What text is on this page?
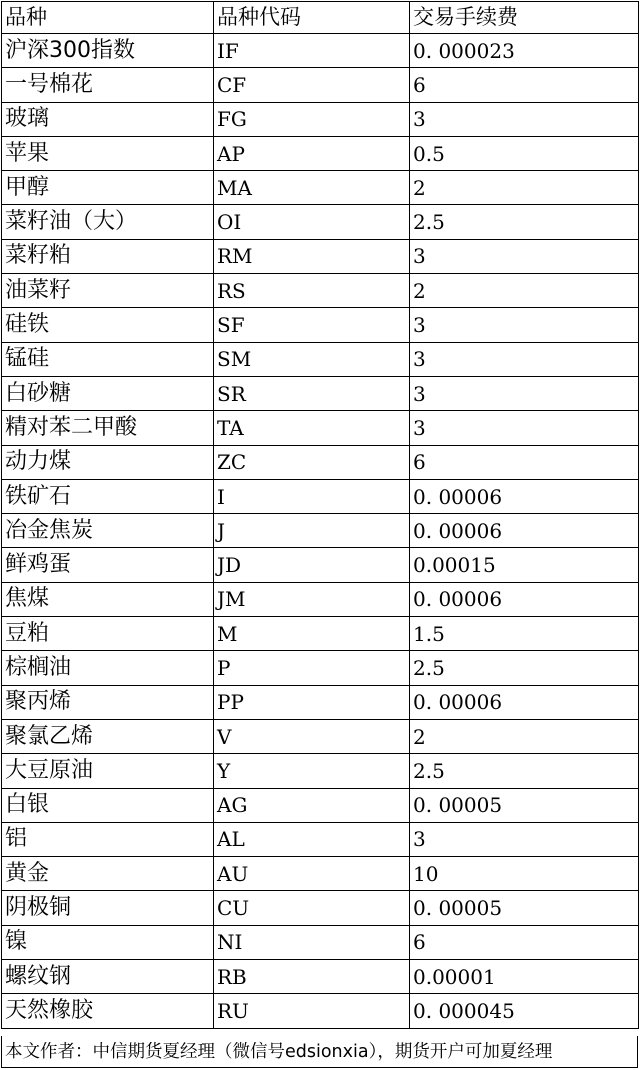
品种	品种代码	交易手续费
沪深300指数	IF	0. 000023
一号棉花	CF	6
玻璃	FG	3
苹果	AP	0.5
甲醇	MA	2
菜籽油（大）	OI	2.5
菜籽粕	RM	3
油菜籽	RS	2
硅铁	SF	3
锰硅	SM	3
白砂糖	SR	3
精对苯二甲酸	TA	3
动力煤	ZC	6
铁矿石	I	0. 00006
冶金焦炭	J	0. 00006
鲜鸡蛋	JD	0.00015
焦煤	JM	0. 00006
豆粕	M	1.5
棕榈油	P	2.5
聚丙烯	PP	0. 00006
聚氯乙烯	V	2
大豆原油	Y	2.5
白银	AG	0. 00005
铝	AL	3
黄金	AU	10
阴极铜	CU	0. 00005
镍	NI	6
螺纹钢	RB	0.00001
天然橡胶	RU	0. 000045
本文作者：中信期货夏经理（微信号edsionxia），期货开户可加夏经理
